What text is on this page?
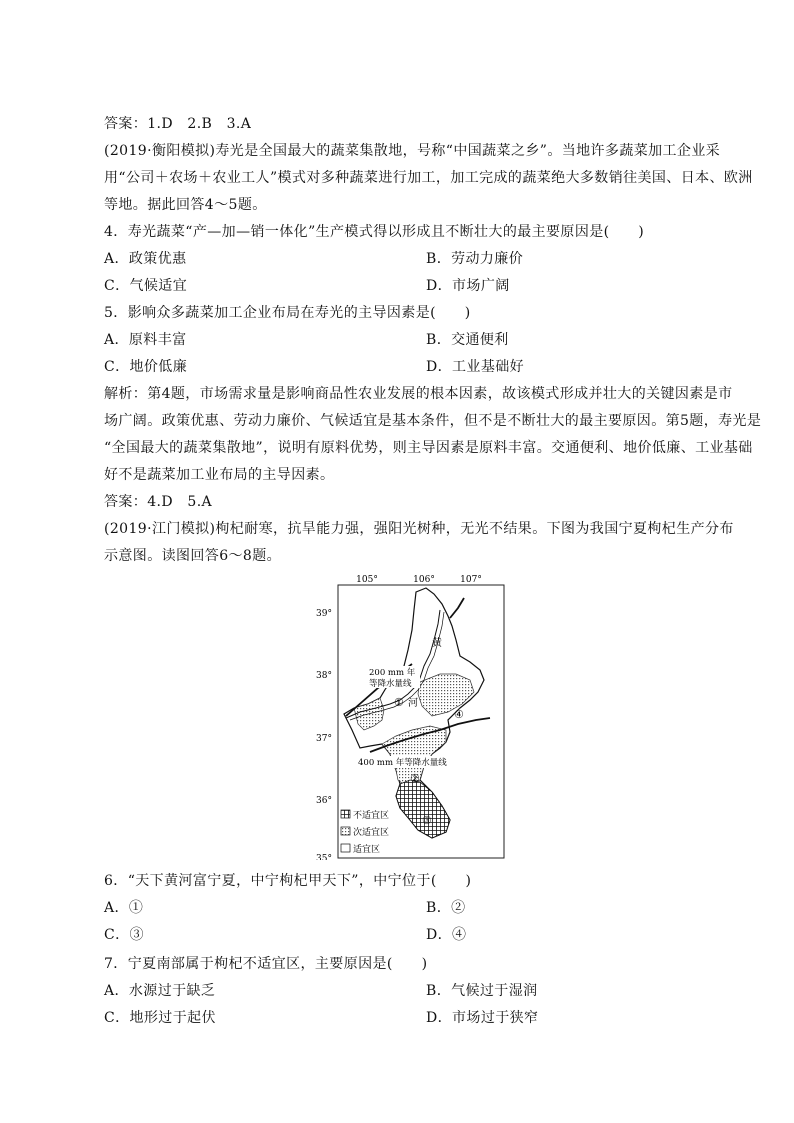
答案：1.D　2.B　3.A
(2019·衡阳模拟)寿光是全国最大的蔬菜集散地，号称“中国蔬菜之乡”。当地许多蔬菜加工企业采
用“公司＋农场＋农业工人”模式对多种蔬菜进行加工，加工完成的蔬菜绝大多数销往美国、日本、欧洲
等地。据此回答4～5题。
4．寿光蔬菜“产—加—销一体化”生产模式得以形成且不断壮大的最主要原因是(　　)
A．政策优惠	B．劳动力廉价
C．气候适宜	D．市场广阔
5．影响众多蔬菜加工企业布局在寿光的主导因素是(　　)
A．原料丰富	B．交通便利
C．地价低廉	D．工业基础好
解析：第4题，市场需求量是影响商品性农业发展的根本因素，故该模式形成并壮大的关键因素是市
场广阔。政策优惠、劳动力廉价、气候适宜是基本条件，但不是不断壮大的最主要原因。第5题，寿光是
“全国最大的蔬菜集散地”，说明有原料优势，则主导因素是原料丰富。交通便利、地价低廉、工业基础
好不是蔬菜加工业布局的主导因素。
答案：4.D　5.A
(2019·江门模拟)枸杞耐寒，抗旱能力强，强阳光树种，无光不结果。下图为我国宁夏枸杞生产分布
示意图。读图回答6～8题。
105°	106°	107°
39°
38°
37°
36°
35°
200 mm 年
等降水量线
400 mm 年等降水量线
黄
河
①
②
③
④
不适宜区
次适宜区
适宜区
6．“天下黄河富宁夏，中宁枸杞甲天下”，中宁位于(　　)
A．①	B．②
C．③	D．④
7．宁夏南部属于枸杞不适宜区，主要原因是(　　)
A．水源过于缺乏	B．气候过于湿润
C．地形过于起伏	D．市场过于狭窄
